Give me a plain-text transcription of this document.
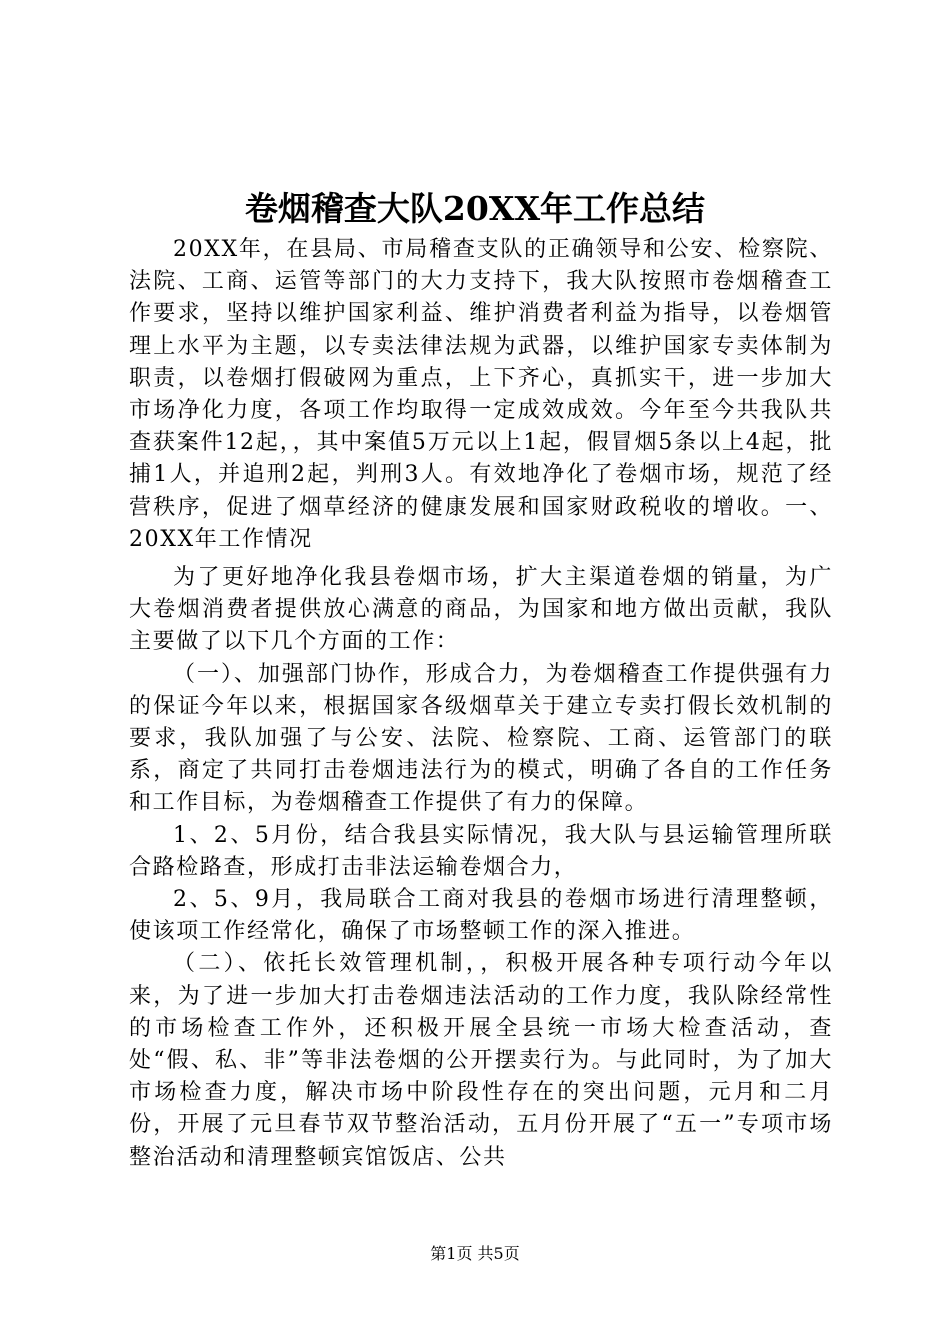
卷烟稽查大队20XX年工作总结

20XX年，在县局、市局稽查支队的正确领导和公安、检察院、法院、工商、运管等部门的大力支持下，我大队按照市卷烟稽查工作要求，坚持以维护国家利益、维护消费者利益为指导，以卷烟管理上水平为主题，以专卖法律法规为武器，以维护国家专卖体制为职责，以卷烟打假破网为重点，上下齐心，真抓实干，进一步加大市场净化力度，各项工作均取得一定成效成效。今年至今共我队共查获案件12起，，其中案值5万元以上1起，假冒烟5条以上4起，批捕1人，并追刑2起，判刑3人。有效地净化了卷烟市场，规范了经营秩序，促进了烟草经济的健康发展和国家财政税收的增收。一、20XX年工作情况

为了更好地净化我县卷烟市场，扩大主渠道卷烟的销量，为广大卷烟消费者提供放心满意的商品，为国家和地方做出贡献，我队主要做了以下几个方面的工作：

（一）、加强部门协作，形成合力，为卷烟稽查工作提供强有力的保证今年以来，根据国家各级烟草关于建立专卖打假长效机制的要求，我队加强了与公安、法院、检察院、工商、运管部门的联系，商定了共同打击卷烟违法行为的模式，明确了各自的工作任务和工作目标，为卷烟稽查工作提供了有力的保障。

1、2、5月份，结合我县实际情况，我大队与县运输管理所联合路检路查，形成打击非法运输卷烟合力，

2、5、9月，我局联合工商对我县的卷烟市场进行清理整顿，使该项工作经常化，确保了市场整顿工作的深入推进。

（二）、依托长效管理机制，，积极开展各种专项行动今年以来，为了进一步加大打击卷烟违法活动的工作力度，我队除经常性的市场检查工作外，还积极开展全县统一市场大检查活动，查处“假、私、非”等非法卷烟的公开摆卖行为。与此同时，为了加大市场检查力度，解决市场中阶段性存在的突出问题，元月和二月份，开展了元旦春节双节整治活动，五月份开展了“五一”专项市场整治活动和清理整顿宾馆饭店、公共

第1页 共5页
